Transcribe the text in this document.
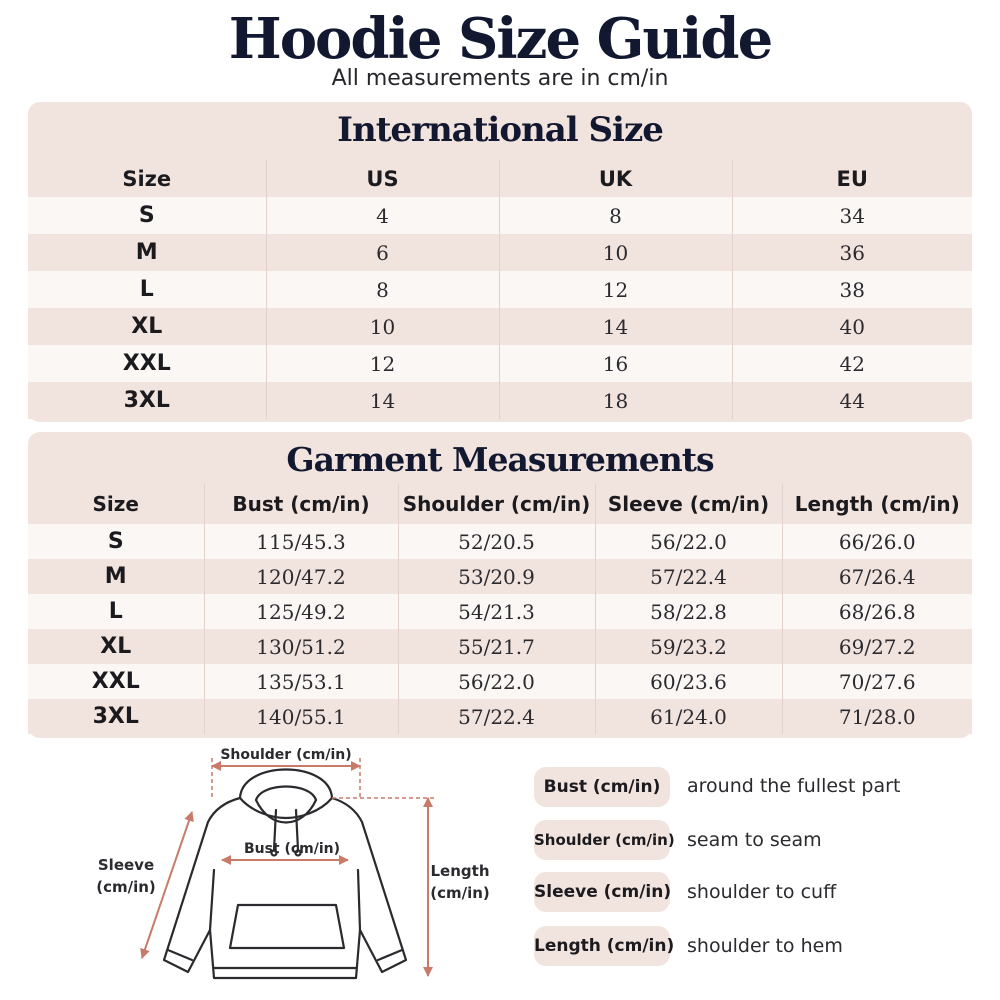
Hoodie Size Guide
All measurements are in cm/in
International Size
Size	US	UK	EU
S	4	8	34
M	6	10	36
L	8	12	38
XL	10	14	40
XXL	12	16	42
3XL	14	18	44
Garment Measurements
Size	Bust (cm/in)	Shoulder (cm/in)	Sleeve (cm/in)	Length (cm/in)
S	115/45.3	52/20.5	56/22.0	66/26.0
M	120/47.2	53/20.9	57/22.4	67/26.4
L	125/49.2	54/21.3	58/22.8	68/26.8
XL	130/51.2	55/21.7	59/23.2	69/27.2
XXL	135/53.1	56/22.0	60/23.6	70/27.6
3XL	140/55.1	57/22.4	61/24.0	71/28.0
Shoulder (cm/in)
Bust (cm/in)
Sleeve
(cm/in)
Length
(cm/in)
Bust (cm/in)	around the fullest part
Shoulder (cm/in) seam to seam
Sleeve (cm/in) shoulder to cuff
Length (cm/in) shoulder to hem
